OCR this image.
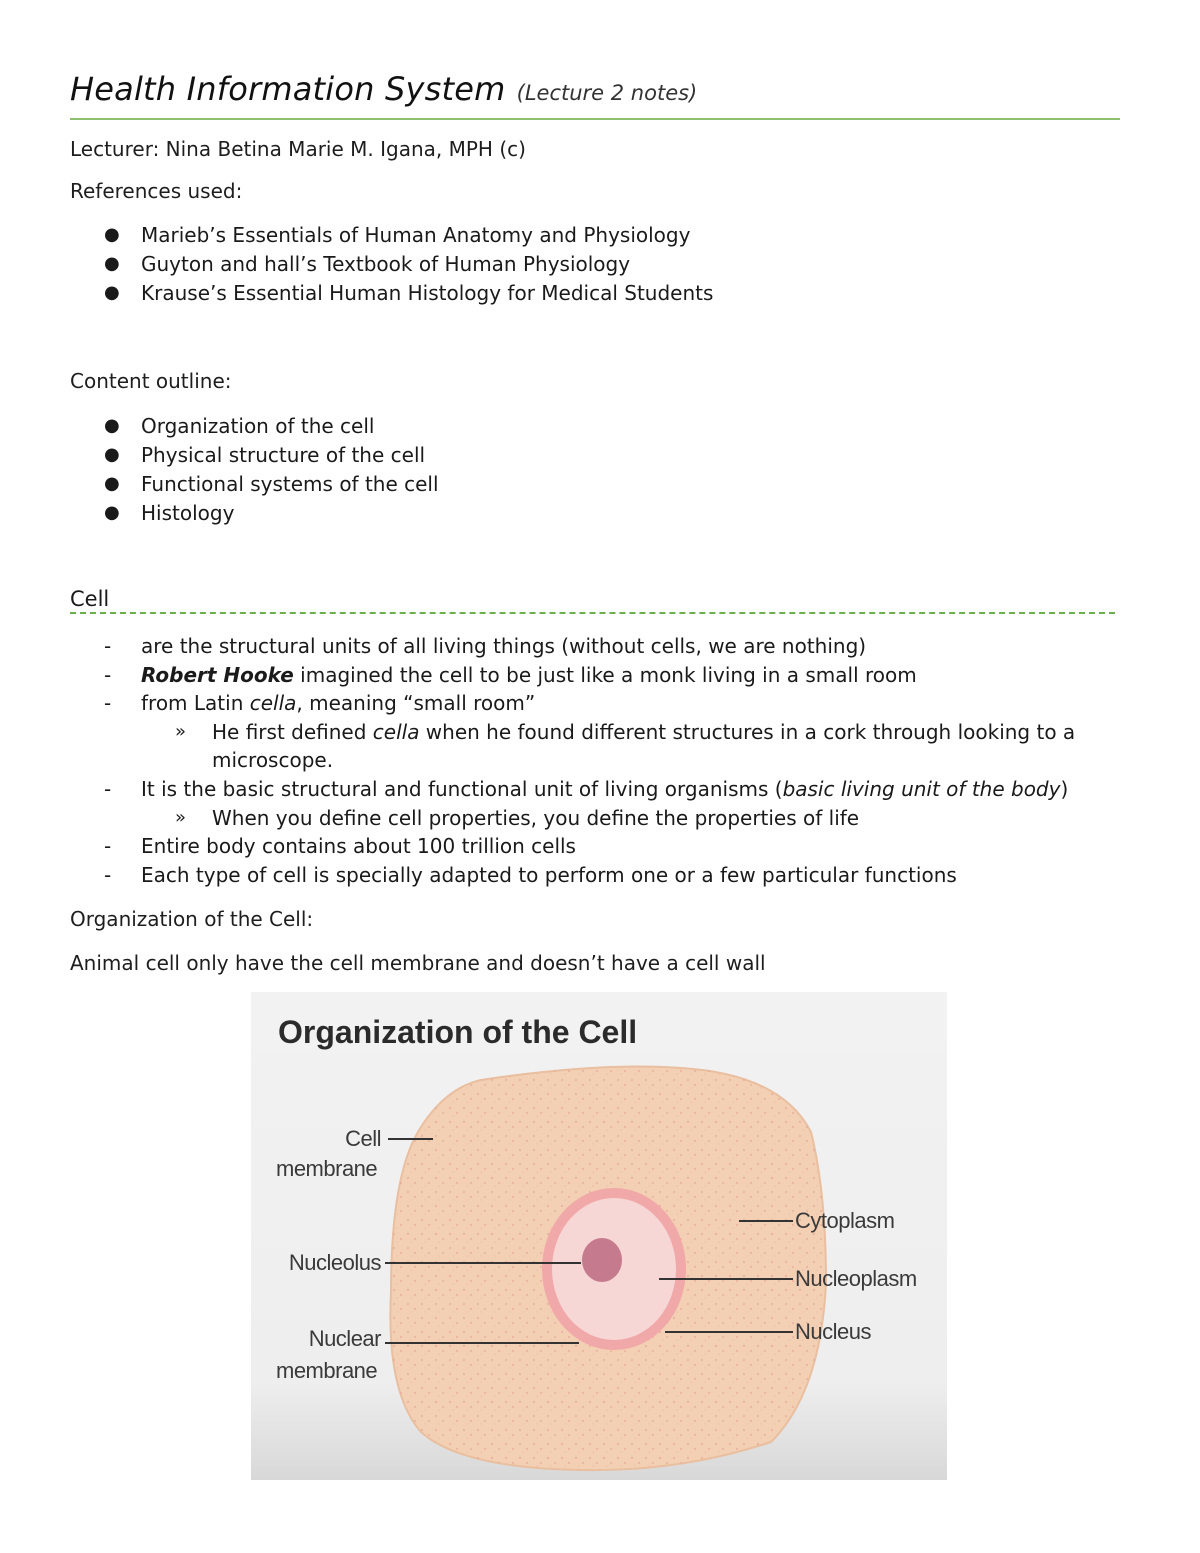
Health Information System (Lecture 2 notes)
Lecturer: Nina Betina Marie M. Igana, MPH (c)
References used:
● Marieb’s Essentials of Human Anatomy and Physiology
● Guyton and hall’s Textbook of Human Physiology
● Krause’s Essential Human Histology for Medical Students
Content outline:
● Organization of the cell
● Physical structure of the cell
● Functional systems of the cell
● Histology
Cell
- are the structural units of all living things (without cells, we are nothing)
- Robert Hooke imagined the cell to be just like a monk living in a small room
- from Latin cella, meaning “small room”
» He first defined cella when he found different structures in a cork through looking to a microscope.
- It is the basic structural and functional unit of living organisms (basic living unit of the body)
» When you define cell properties, you define the properties of life
- Entire body contains about 100 trillion cells
- Each type of cell is specially adapted to perform one or a few particular functions
Organization of the Cell:
Animal cell only have the cell membrane and doesn’t have a cell wall
Organization of the Cell
Cell
membrane
Nucleolus
Nuclear
membrane
Cytoplasm
Nucleoplasm
Nucleus
